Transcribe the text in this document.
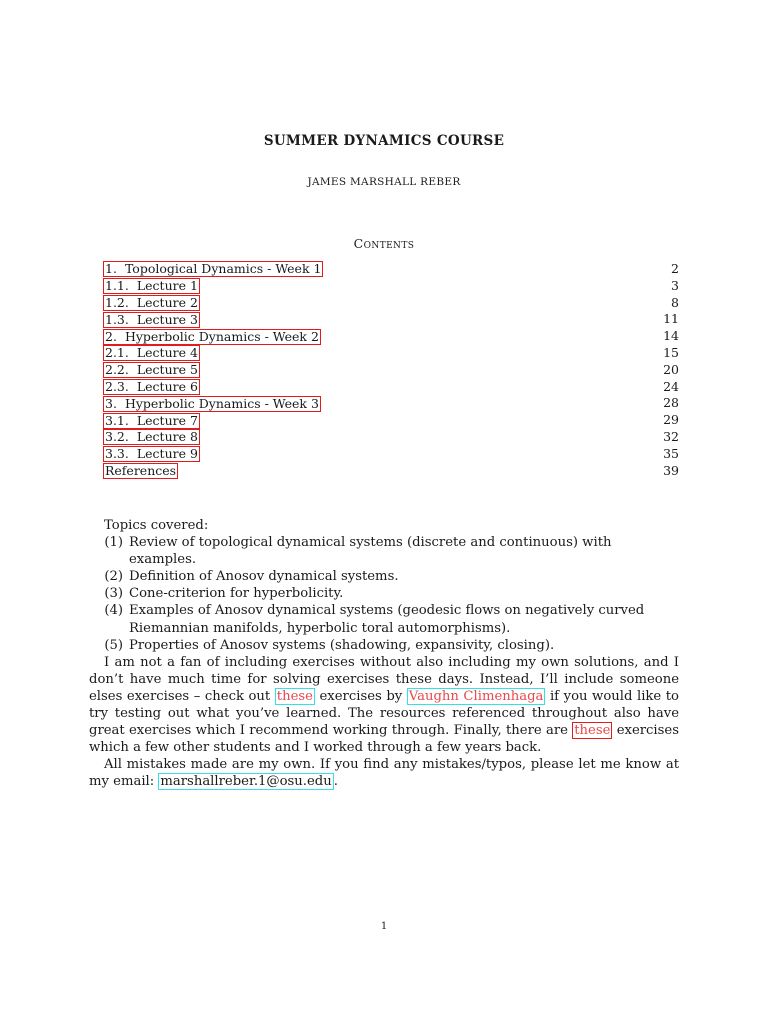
SUMMER DYNAMICS COURSE
JAMES MARSHALL REBER
Contents
1. Topological Dynamics - Week 1	2
1.1. Lecture 1	3
1.2. Lecture 2	8
1.3. Lecture 3	11
2. Hyperbolic Dynamics - Week 2	14
2.1. Lecture 4	15
2.2. Lecture 5	20
2.3. Lecture 6	24
3. Hyperbolic Dynamics - Week 3	28
3.1. Lecture 7	29
3.2. Lecture 8	32
3.3. Lecture 9	35
References	39
Topics covered:
(1) Review of topological dynamical systems (discrete and continuous) with examples.
(2) Definition of Anosov dynamical systems.
(3) Cone-criterion for hyperbolicity.
(4) Examples of Anosov dynamical systems (geodesic flows on negatively curved Riemannian manifolds, hyperbolic toral automorphisms).
(5) Properties of Anosov systems (shadowing, expansivity, closing).

I am not a fan of including exercises without also including my own solutions, and I don’t have much time for solving exercises these days. Instead, I’ll include someone elses exercises – check out these exercises by Vaughn Climenhaga if you would like to try testing out what you’ve learned. The resources referenced throughout also have great exercises which I recommend working through. Finally, there are these exercises which a few other students and I worked through a few years back.

All mistakes made are my own. If you find any mistakes/typos, please let me know at my email: marshallreber.1@osu.edu .

1
